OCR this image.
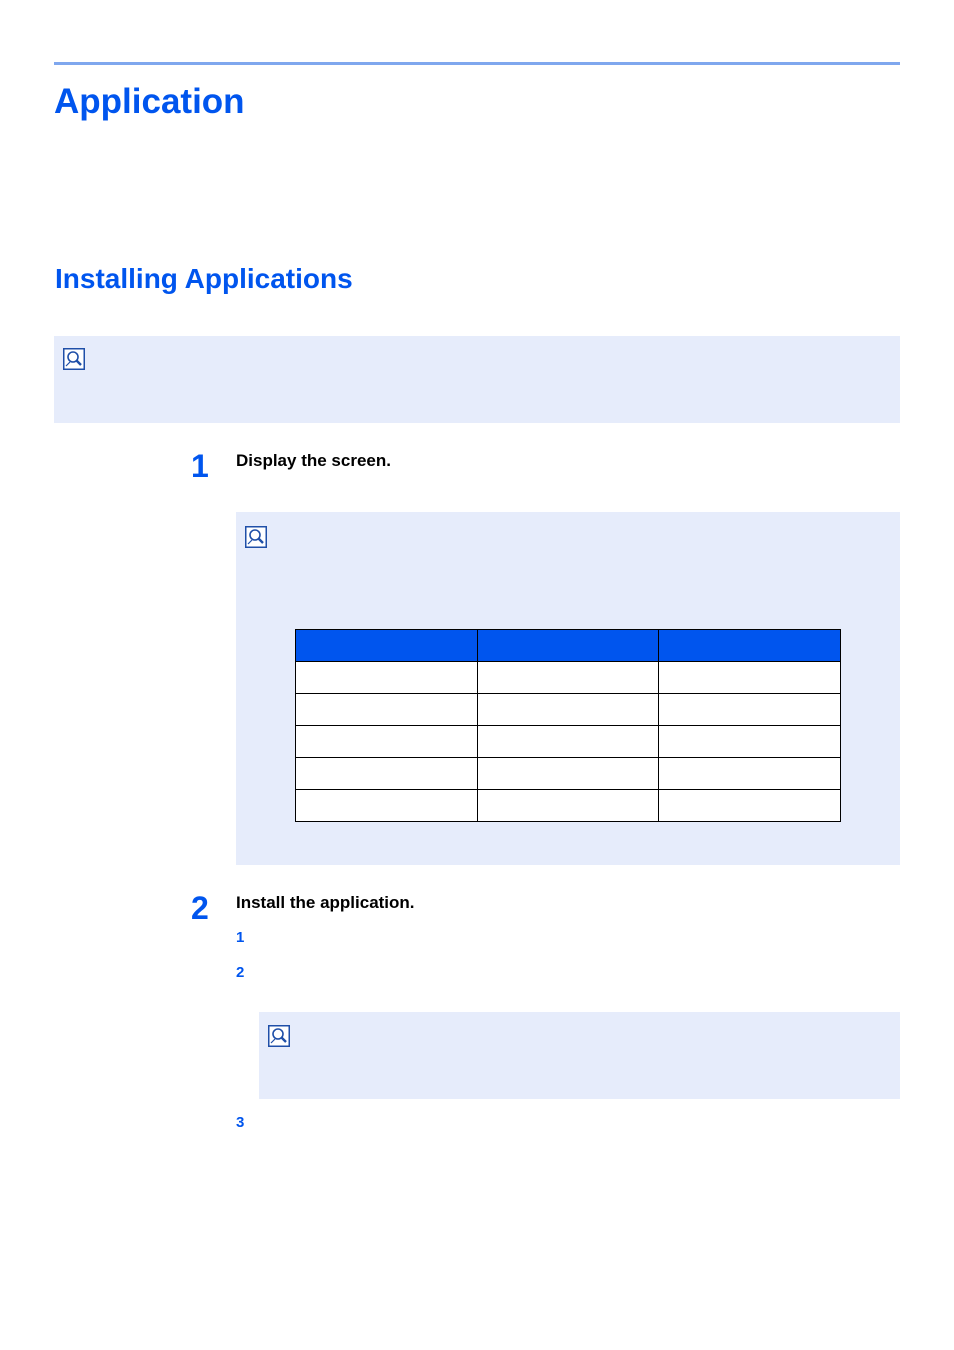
Application
Installing Applications
1 Display the screen.

2 Install the application.
1
2
3
